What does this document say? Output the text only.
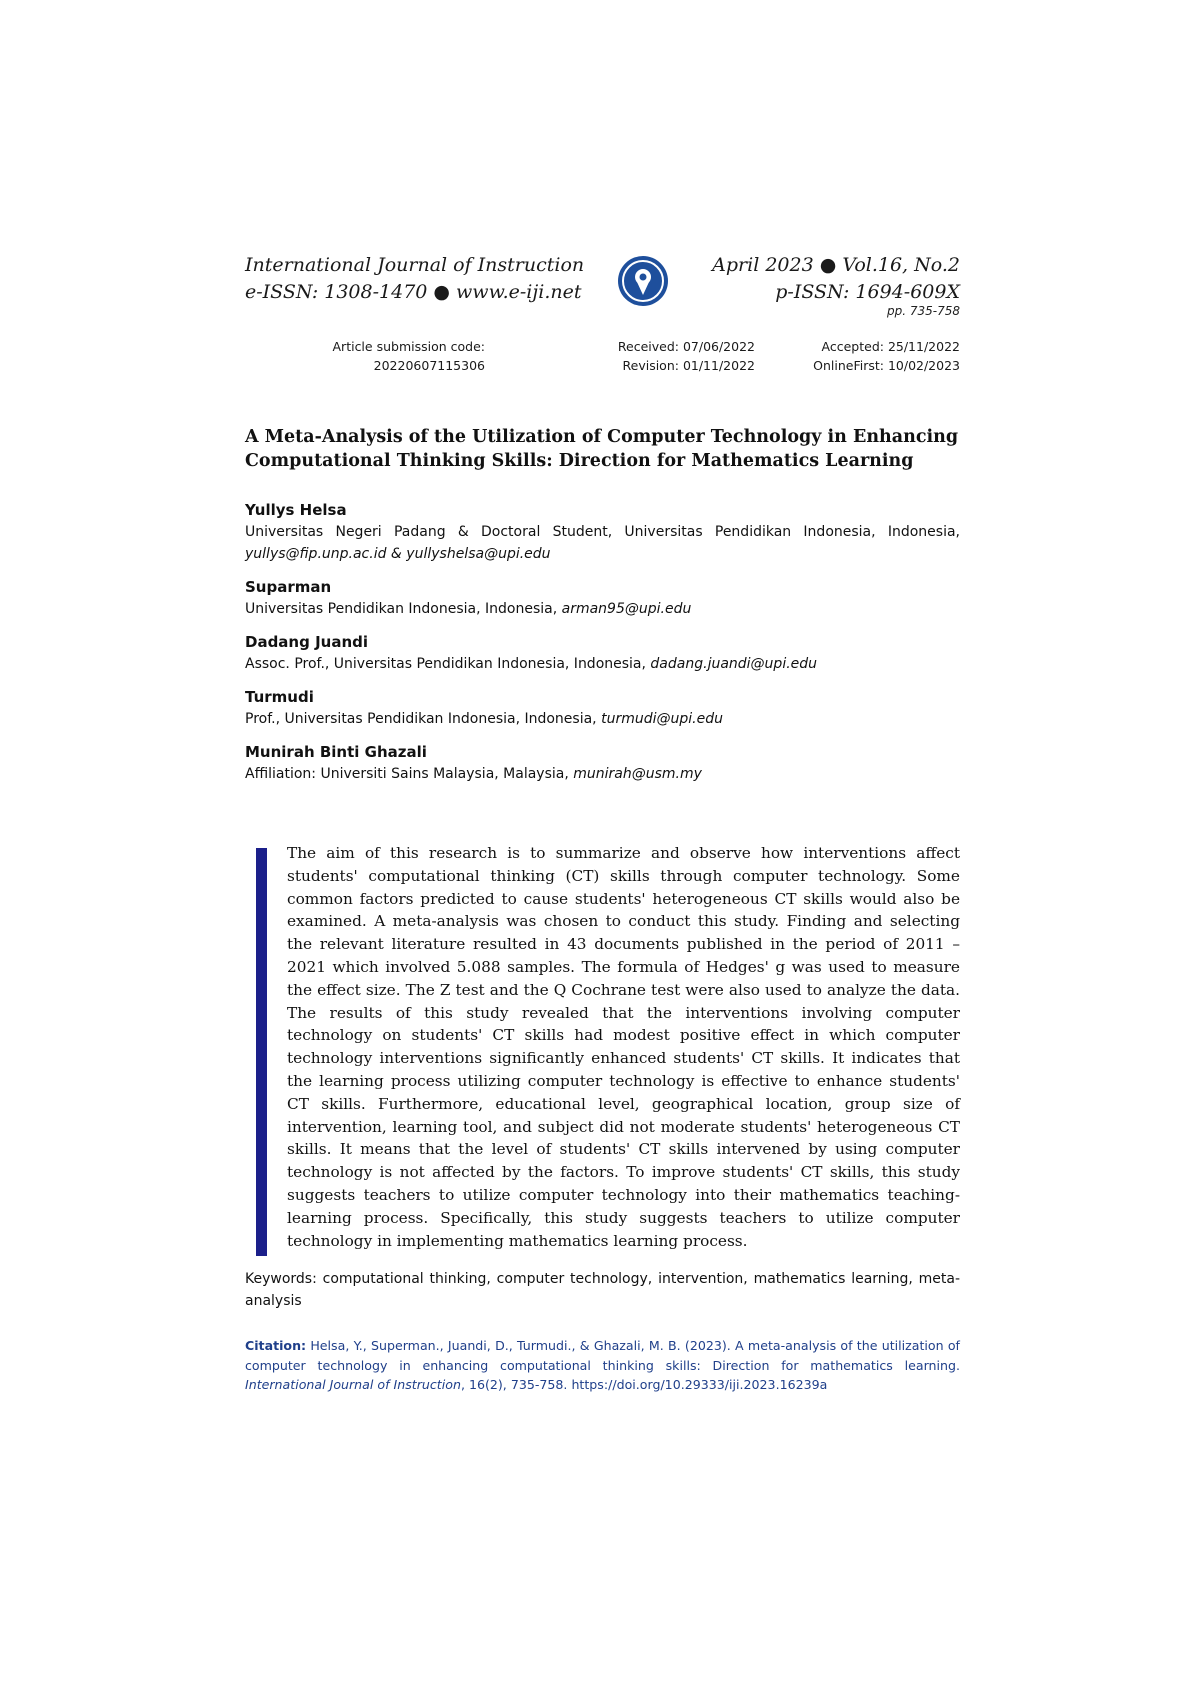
International Journal of Instruction
e-ISSN: 1308-1470 ● www.e-iji.net
April 2023 ● Vol.16, No.2
p-ISSN: 1694-609X
pp. 735-758
Article submission code:
20220607115306
Received: 07/06/2022
Revision: 01/11/2022
Accepted: 25/11/2022
OnlineFirst: 10/02/2023
A Meta-Analysis of the Utilization of Computer Technology in Enhancing Computational Thinking Skills: Direction for Mathematics Learning
Yullys Helsa
Universitas Negeri Padang & Doctoral Student, Universitas Pendidikan Indonesia, Indonesia, yullys@fip.unp.ac.id & yullyshelsa@upi.edu
Suparman
Universitas Pendidikan Indonesia, Indonesia, arman95@upi.edu
Dadang Juandi
Assoc. Prof., Universitas Pendidikan Indonesia, Indonesia, dadang.juandi@upi.edu
Turmudi
Prof., Universitas Pendidikan Indonesia, Indonesia, turmudi@upi.edu
Munirah Binti Ghazali
Affiliation: Universiti Sains Malaysia, Malaysia, munirah@usm.my
The aim of this research is to summarize and observe how interventions affect students' computational thinking (CT) skills through computer technology. Some common factors predicted to cause students' heterogeneous CT skills would also be examined. A meta-analysis was chosen to conduct this study. Finding and selecting the relevant literature resulted in 43 documents published in the period of 2011 – 2021 which involved 5.088 samples. The formula of Hedges' g was used to measure the effect size. The Z test and the Q Cochrane test were also used to analyze the data. The results of this study revealed that the interventions involving computer technology on students' CT skills had modest positive effect in which computer technology interventions significantly enhanced students' CT skills. It indicates that the learning process utilizing computer technology is effective to enhance students' CT skills. Furthermore, educational level, geographical location, group size of intervention, learning tool, and subject did not moderate students' heterogeneous CT skills. It means that the level of students' CT skills intervened by using computer technology is not affected by the factors. To improve students' CT skills, this study suggests teachers to utilize computer technology into their mathematics teaching-learning process. Specifically, this study suggests teachers to utilize computer technology in implementing mathematics learning process.
Keywords: computational thinking, computer technology, intervention, mathematics learning, meta-analysis
Citation: Helsa, Y., Superman., Juandi, D., Turmudi., & Ghazali, M. B. (2023). A meta-analysis of the utilization of computer technology in enhancing computational thinking skills: Direction for mathematics learning. International Journal of Instruction, 16(2), 735-758. https://doi.org/10.29333/iji.2023.16239a
